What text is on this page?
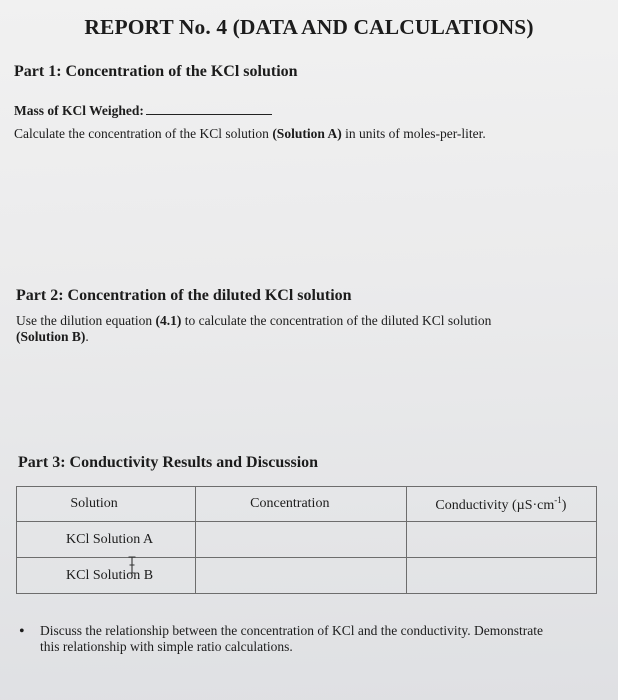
REPORT No. 4 (DATA AND CALCULATIONS)
Part 1: Concentration of the KCl solution
Mass of KCl Weighed:
Calculate the concentration of the KCl solution (Solution A) in units of moles-per-liter.
Part 2: Concentration of the diluted KCl solution
Use the dilution equation (4.1) to calculate the concentration of the diluted KCl solution
(Solution B).
Part 3: Conductivity Results and Discussion
Solution	Concentration	Conductivity $(\mu S\cdot cm^{-1})$
KCl Solution A		
KCl Solution B		
• Discuss the relationship between the concentration of KCl and the conductivity. Demonstrate
this relationship with simple ratio calculations.
